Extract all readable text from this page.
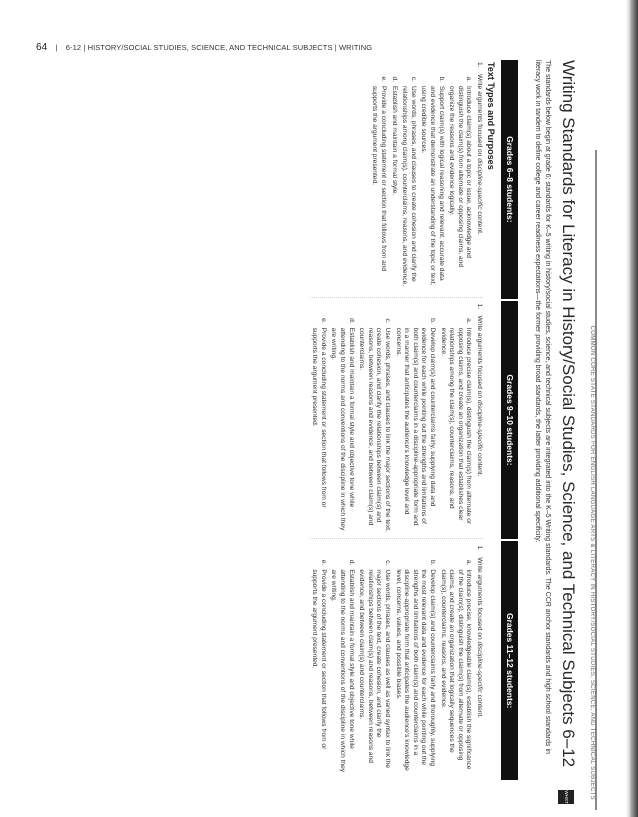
64 | 6-12 | HISTORY/SOCIAL STUDIES, SCIENCE, AND TECHNICAL SUBJECTS | WRITING
COMMON CORE STATE STANDARDS FOR ENGLISH LANGUAGE ARTS & LITERACY IN HISTORY/SOCIAL STUDIES, SCIENCE, AND TECHNICAL SUBJECTS
WHST
Writing Standards for Literacy in History/Social Studies, Science, and Technical Subjects 6–12
The standards below begin at grade 6; standards for K–5 writing in history/social studies, science, and technical subjects are integrated into the K–5 Writing standards. The CCR anchor standards and high school standards in literacy work in tandem to define college and career readiness expectations—the former providing broad standards, the latter providing additional specificity.
Grades 6–8 students:
Grades 9–10 students:
Grades 11–12 students:
Text Types and Purposes
1.
Write arguments focused on discipline-specific content.
a.
Introduce claim(s) about a topic or issue, acknowledge and distinguish the claim(s) from alternate or opposing claims, and organize the reasons and evidence logically.
b.
Support claim(s) with logical reasoning and relevant, accurate data and evidence that demonstrate an understanding of the topic or text, using credible sources.
c.
Use words, phrases, and clauses to create cohesion and clarify the relationships among claim(s), counterclaims, reasons, and evidence.
d.
Establish and maintain a formal style.
e.
Provide a concluding statement or section that follows from and supports the argument presented.
1.
Write arguments focused on discipline-specific content.
a.
Introduce precise claim(s), distinguish the claim(s) from alternate or opposing claims, and create an organization that establishes clear relationships among the claim(s), counterclaims, reasons, and evidence.
b.
Develop claim(s) and counterclaims fairly, supplying data and evidence for each while pointing out the strengths and limitations of both claim(s) and counterclaims in a discipline-appropriate form and in a manner that anticipates the audience's knowledge level and concerns.
c.
Use words, phrases, and clauses to link the major sections of the text, create cohesion, and clarify the relationships between claim(s) and reasons, between reasons and evidence, and between claim(s) and counterclaims.
d.
Establish and maintain a formal style and objective tone while attending to the norms and conventions of the discipline in which they are writing.
e.
Provide a concluding statement or section that follows from or supports the argument presented.
1.
Write arguments focused on discipline-specific content.
a.
Introduce precise, knowledgeable claim(s), establish the significance of the claim(s), distinguish the claim(s) from alternate or opposing claims, and create an organization that logically sequences the claim(s), counterclaims, reasons, and evidence.
b.
Develop claim(s) and counterclaims fairly and thoroughly, supplying the most relevant data and evidence for each while pointing out the strengths and limitations of both claim(s) and counterclaims in a discipline-appropriate form that anticipates the audience's knowledge level, concerns, values, and possible biases.
c.
Use words, phrases, and clauses as well as varied syntax to link the major sections of the text, create cohesion, and clarify the relationships between claim(s) and reasons, between reasons and evidence, and between claim(s) and counterclaims.
d.
Establish and maintain a formal style and objective tone while attending to the norms and conventions of the discipline in which they are writing.
e.
Provide a concluding statement or section that follows from or supports the argument presented.
